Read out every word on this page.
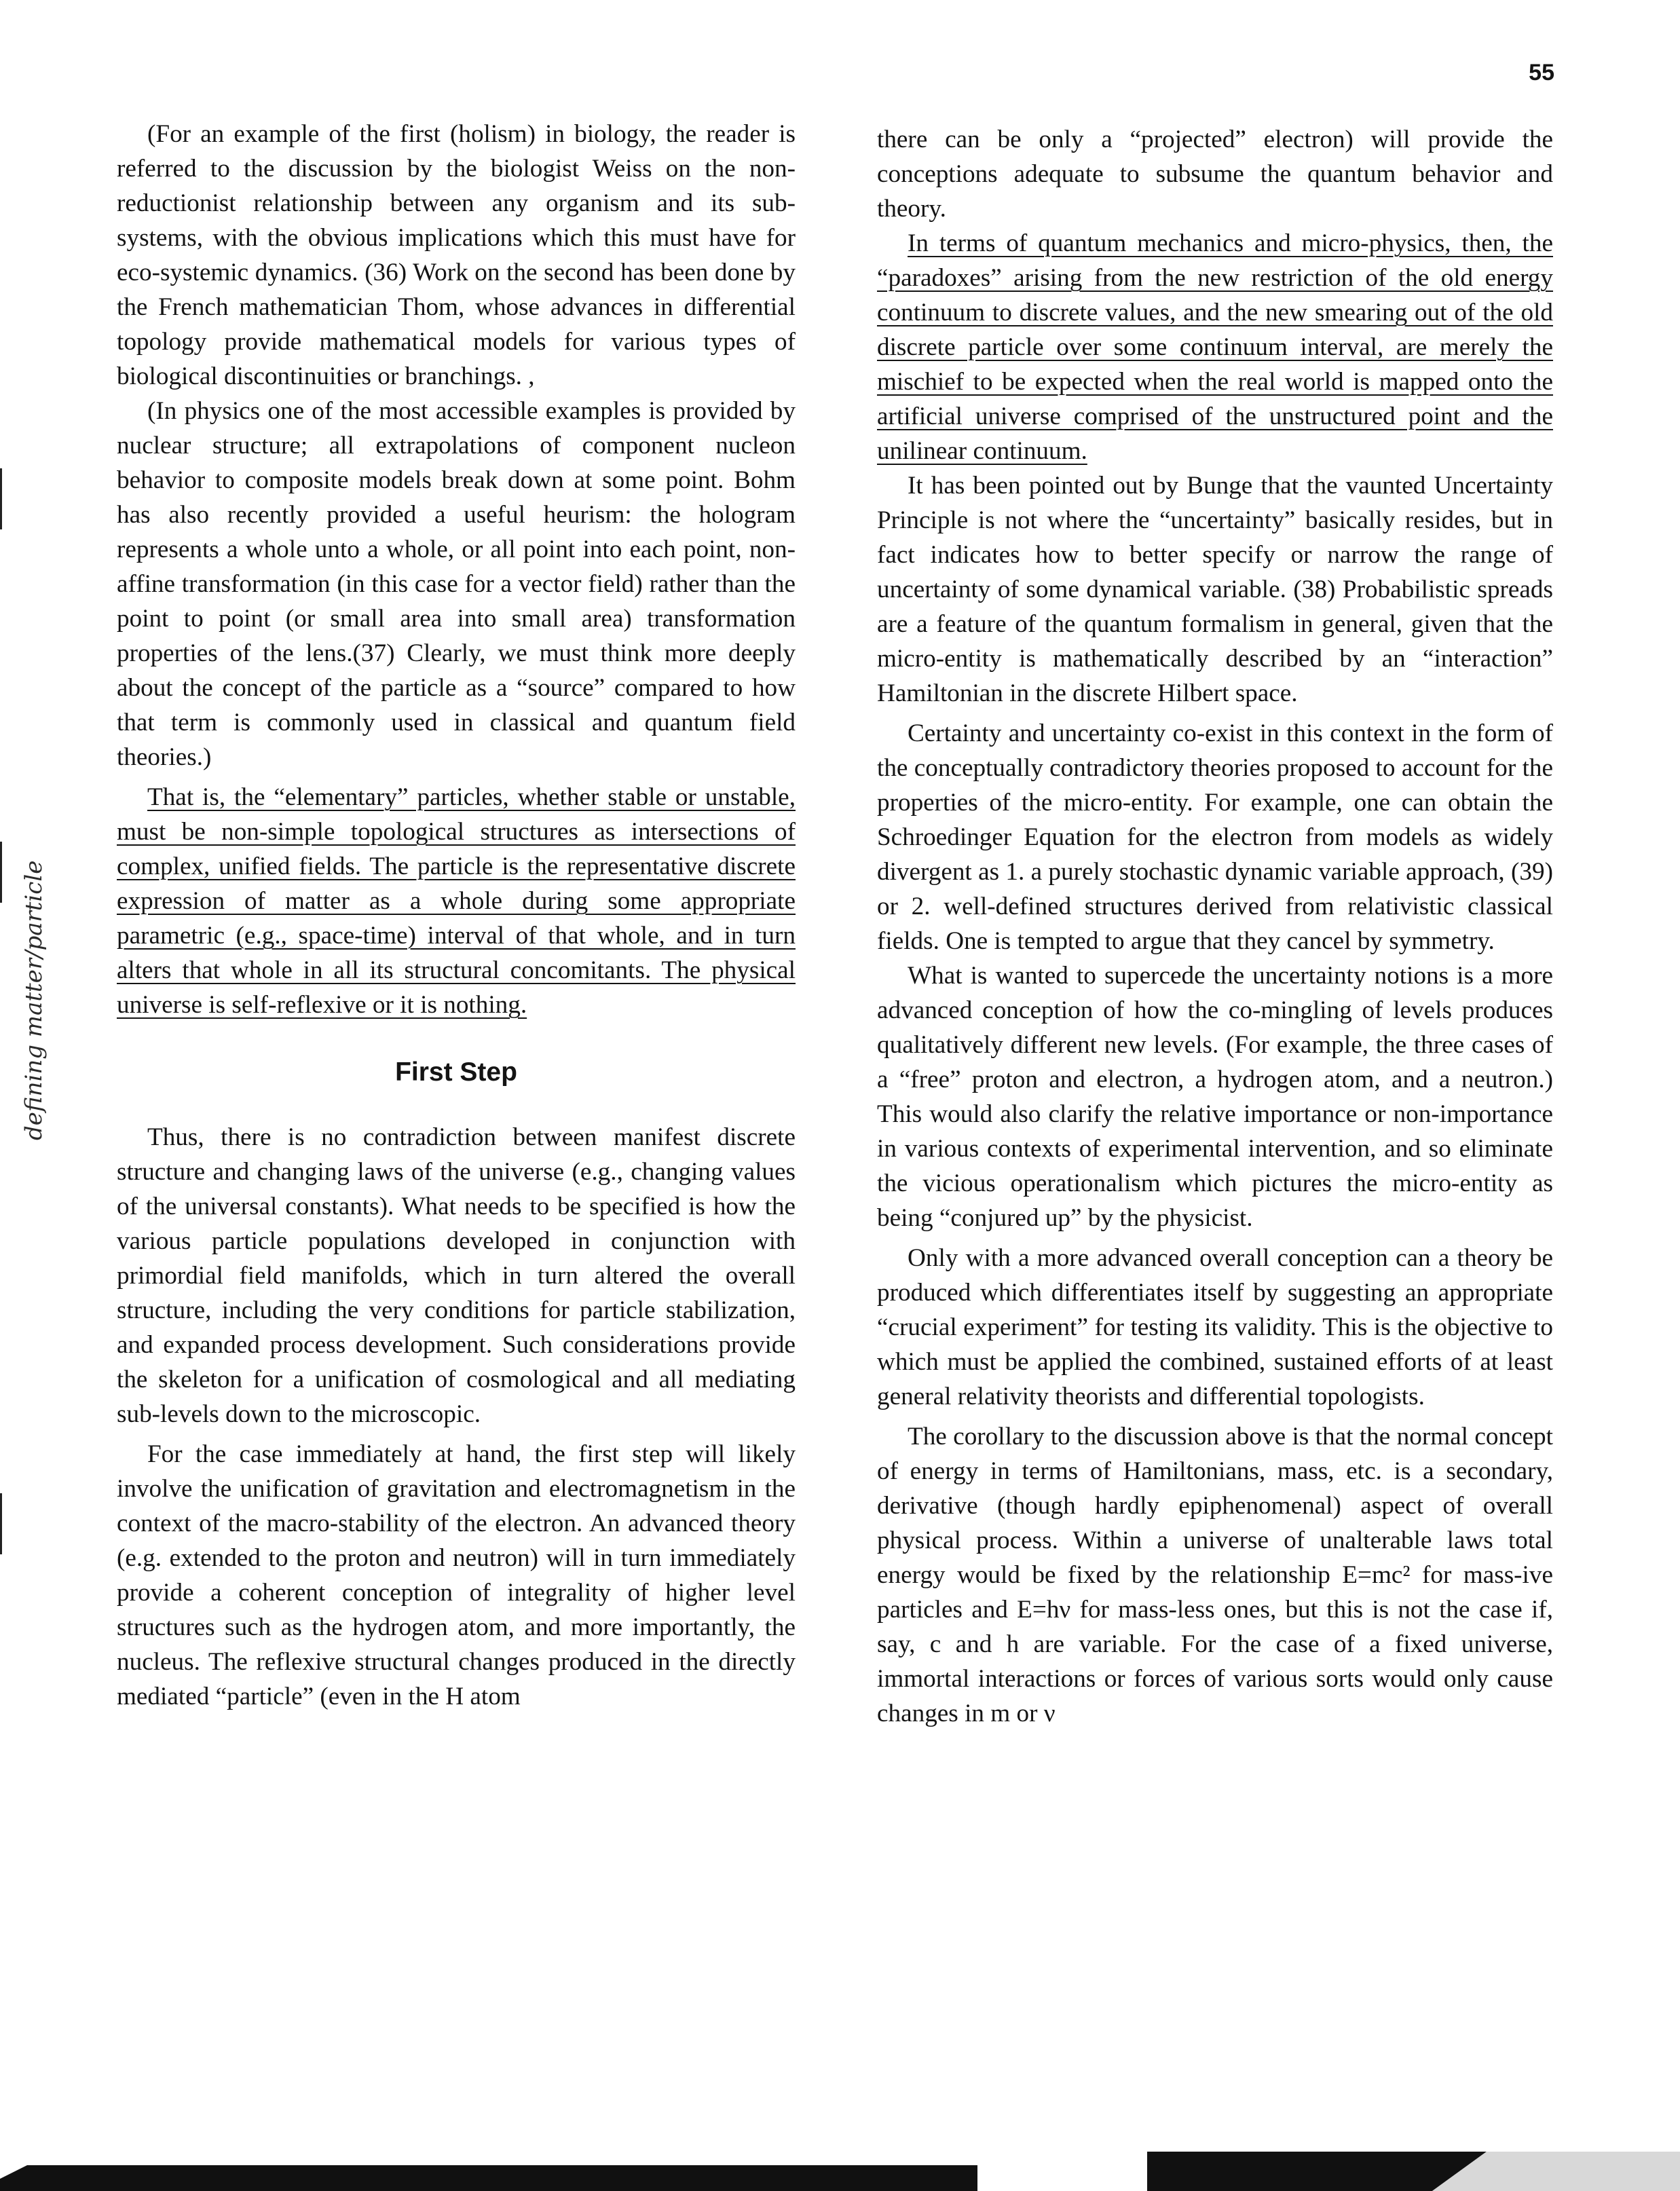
55

(For an example of the first (holism) in biology, the reader is referred to the discussion by the biologist Weiss on the non-reductionist relationship between any organism and its sub-systems, with the obvious implications which this must have for eco-systemic dynamics. (36) Work on the second has been done by the French mathematician Thom, whose advances in differential topology provide mathematical models for various types of biological discontinuities or branchings. ,

(In physics one of the most accessible examples is provided by nuclear structure; all extrapolations of component nucleon behavior to composite models break down at some point. Bohm has also recently provided a useful heurism: the hologram represents a whole unto a whole, or all point into each point, non-affine transformation (in this case for a vector field) rather than the point to point (or small area into small area) transformation properties of the lens.(37) Clearly, we must think more deeply about the concept of the particle as a “source” compared to how that term is commonly used in classical and quantum field theories.)

That is, the “elementary” particles, whether stable or unstable, must be non-simple topological structures as intersections of complex, unified fields. The particle is the representative discrete expression of matter as a whole during some appropriate parametric (e.g., space-time) interval of that whole, and in turn alters that whole in all its structural concomitants. The physical universe is self-reflexive or it is nothing.

First Step

Thus, there is no contradiction between manifest discrete structure and changing laws of the universe (e.g., changing values of the universal constants). What needs to be specified is how the various particle populations developed in conjunction with primordial field manifolds, which in turn altered the overall structure, including the very conditions for particle stabilization, and expanded process development. Such considerations provide the skeleton for a unification of cosmological and all mediating sub-levels down to the microscopic.

For the case immediately at hand, the first step will likely involve the unification of gravitation and electromagnetism in the context of the macro-stability of the electron. An advanced theory (e.g. extended to the proton and neutron) will in turn immediately provide a coherent conception of integrality of higher level structures such as the hydrogen atom, and more importantly, the nucleus. The reflexive structural changes produced in the directly mediated “particle” (even in the H atom

there can be only a “projected” electron) will provide the conceptions adequate to subsume the quantum behavior and theory.

In terms of quantum mechanics and micro-physics, then, the “paradoxes” arising from the new restriction of the old energy continuum to discrete values, and the new smearing out of the old discrete particle over some continuum interval, are merely the mischief to be expected when the real world is mapped onto the artificial universe comprised of the unstructured point and the unilinear continuum.

It has been pointed out by Bunge that the vaunted Uncertainty Principle is not where the “uncertainty” basically resides, but in fact indicates how to better specify or narrow the range of uncertainty of some dynamical variable. (38) Probabilistic spreads are a feature of the quantum formalism in general, given that the micro-entity is mathematically described by an “interaction” Hamiltonian in the discrete Hilbert space.

Certainty and uncertainty co-exist in this context in the form of the conceptually contradictory theories proposed to account for the properties of the micro-entity. For example, one can obtain the Schroedinger Equation for the electron from models as widely divergent as 1. a purely stochastic dynamic variable approach, (39) or 2. well-defined structures derived from relativistic classical fields. One is tempted to argue that they cancel by symmetry.

What is wanted to supercede the uncertainty notions is a more advanced conception of how the co-mingling of levels produces qualitatively different new levels. (For example, the three cases of a “free” proton and electron, a hydrogen atom, and a neutron.) This would also clarify the relative importance or non-importance in various contexts of experimental intervention, and so eliminate the vicious operationalism which pictures the micro-entity as being “conjured up” by the physicist.

Only with a more advanced overall conception can a theory be produced which differentiates itself by suggesting an appropriate “crucial experiment” for testing its validity. This is the objective to which must be applied the combined, sustained efforts of at least general relativity theorists and differential topologists.

The corollary to the discussion above is that the normal concept of energy in terms of Hamiltonians, mass, etc. is a secondary, derivative (though hardly epiphenomenal) aspect of overall physical process. Within a universe of unalterable laws total energy would be fixed by the relationship E=mc² for mass-ive particles and E=hν for mass-less ones, but this is not the case if, say, c and h are variable. For the case of a fixed universe, immortal interactions or forces of various sorts would only cause changes in m or ν

defining matter/particle
